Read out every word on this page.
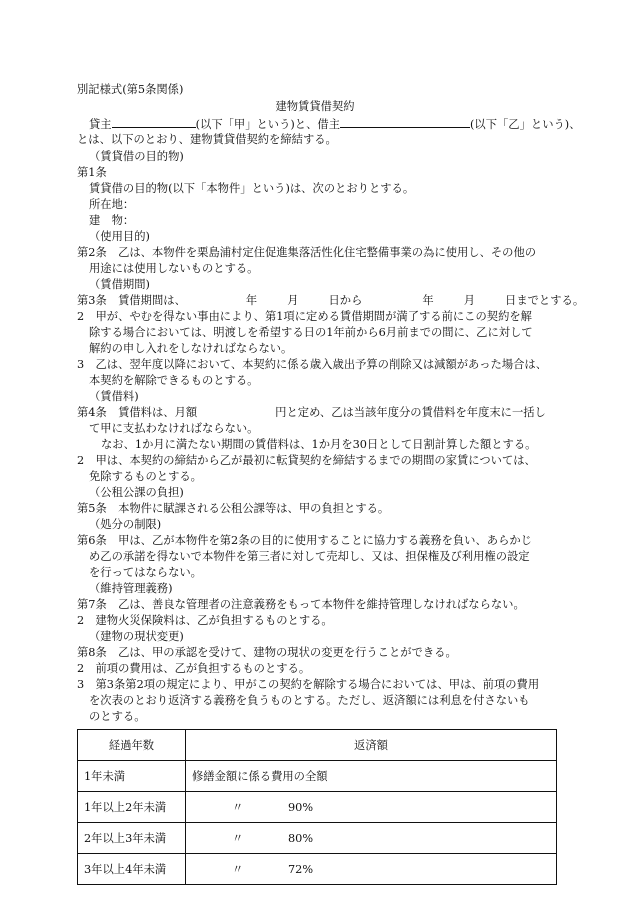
別記様式(第5条関係)
建物賃貸借契約
貸主	(以下「甲」という)と、借主	(以下「乙」という)、
とは、以下のとおり、建物賃貸借契約を締結する。
（賃貸借の目的物)
第1条
賃貸借の目的物(以下「本物件」という)は、次のとおりとする。
所在地：
建　物：
（使用目的)
第2条　乙は、本物件を栗島浦村定住促進集落活性化住宅整備事業の為に使用し、その他の
用途には使用しないものとする。
（賃借期間)
第3条　賃借期間は、	年	月	日から	年	月	日までとする。
2　甲が、やむを得ない事由により、第1項に定める賃借期間が満了する前にこの契約を解
除する場合においては、明渡しを希望する日の1年前から6月前までの間に、乙に対して
解約の申し入れをしなければならない。
3　乙は、翌年度以降において、本契約に係る歳入歳出予算の削除又は減額があった場合は、
本契約を解除できるものとする。
（賃借料)
第4条　賃借料は、月額	円と定め、乙は当該年度分の賃借料を年度末に一括し
て甲に支払わなければならない。
なお、1か月に満たない期間の賃借料は、1か月を30日として日割計算した額とする。
2　甲は、本契約の締結から乙が最初に転貸契約を締結するまでの期間の家賃については、
免除するものとする。
（公租公課の負担)
第5条　本物件に賦課される公租公課等は、甲の負担とする。
（処分の制限)
第6条　甲は、乙が本物件を第2条の目的に使用することに協力する義務を負い、あらかじ
め乙の承諾を得ないで本物件を第三者に対して売却し、又は、担保権及び利用権の設定
を行ってはならない。
（維持管理義務)
第7条　乙は、善良な管理者の注意義務をもって本物件を維持管理しなければならない。
2　建物火災保険料は、乙が負担するものとする。
（建物の現状変更)
第8条　乙は、甲の承認を受けて、建物の現状の変更を行うことができる。
2　前項の費用は、乙が負担するものとする。
経過年数	返済額
1年未満	修繕金額に係る費用の全額
1年以上2年未満	〃 90%
2年以上3年未満	〃 80%
3年以上4年未満	〃 72%
3　第3条第2項の規定により、甲がこの契約を解除する場合においては、甲は、前項の費用
を次表のとおり返済する義務を負うものとする。ただし、返済額には利息を付さないも
のとする。
